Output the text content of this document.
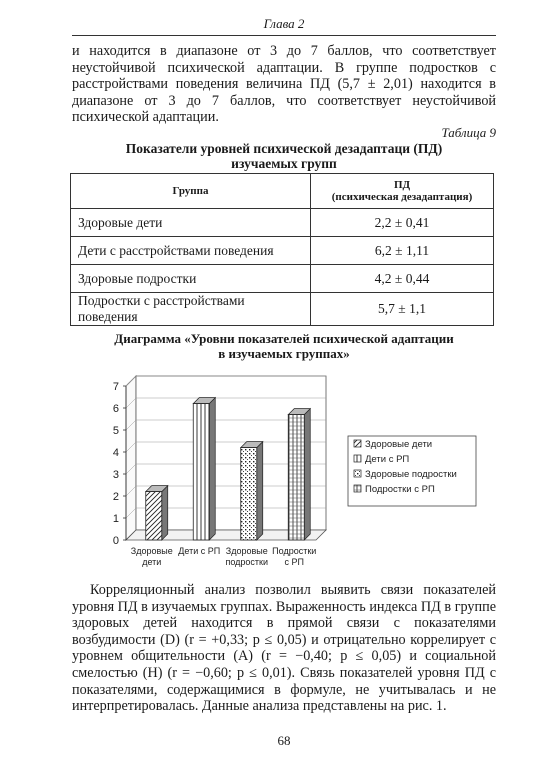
Глава 2

и находится в диапазоне от 3 до 7 баллов, что соответствует неустойчивой психической адаптации. В группе подростков с расстройствами поведения величина ПД (5,7 ± 2,01) находится в диапазоне от 3 до 7 баллов, что соответствует неустойчивой психической адаптации.

Таблица 9
Показатели уровней психической дезадаптаци (ПД)
изучаемых групп
Группа	ПД
(психическая дезадаптация)

Здоровые дети	2,2 ± 0,41
Дети с расстройствами поведения	6,2 ± 1,11
Здоровые подростки	4,2 ± 0,44
Подростки с расстройствами поведения	5,7 ± 1,1
Диаграмма «Уровни показателей психической адаптации
в изучаемых группах»
0
1
2
3
4
5
6
7
Здоровые
дети
Дети с РП Здоровые
подростки
Подростки
с РП
Здоровые дети
Дети с РП
Здоровые подростки
Подростки с РП

Корреляционный анализ позволил выявить связи показателей уровня ПД в изучаемых группах. Выраженность индекса ПД в группе здоровых детей находится в прямой связи с показателями возбудимости (D) (r = +0,33; p ≤ 0,05) и отрицательно коррелирует с уровнем общительности (A) (r = −0,40; p ≤ 0,05) и социальной смелостью (H) (r = −0,60; p ≤ 0,01). Связь показателей уровня ПД с показателями, содержащимися в формуле, не учитывалась и не интерпретировалась. Данные анализа представлены на рис. 1.

68
